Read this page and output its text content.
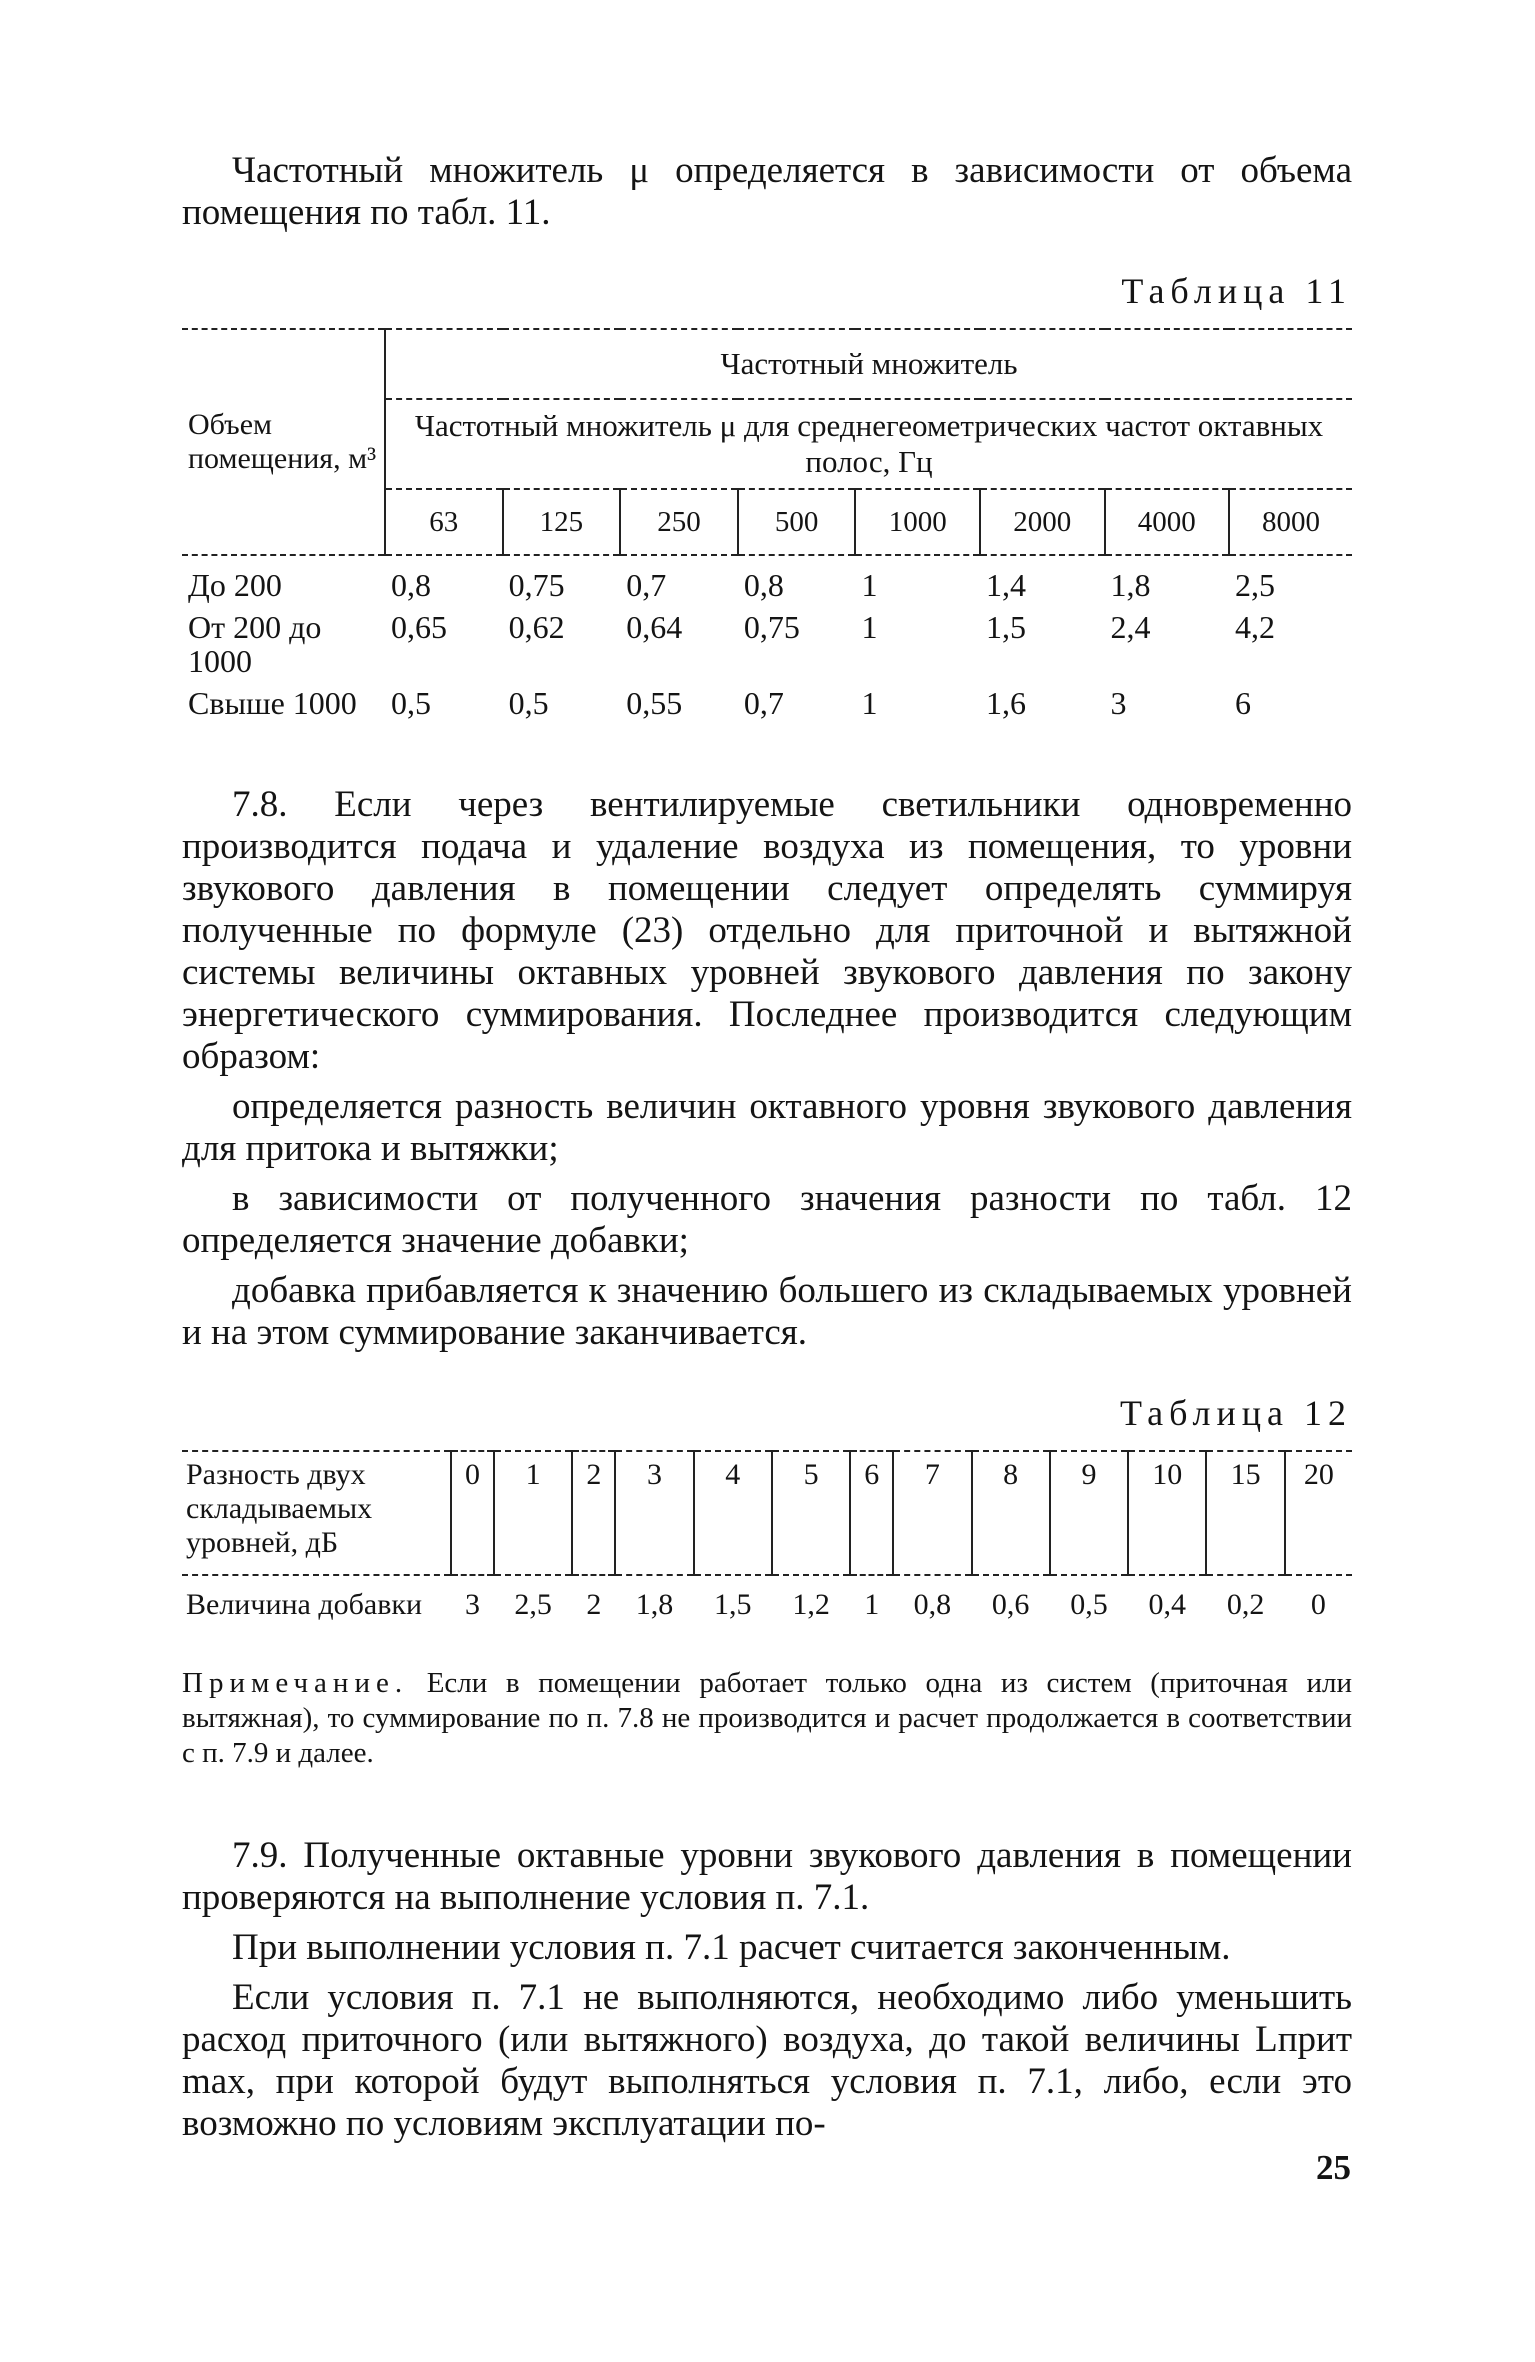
Частотный множитель μ определяется в зависимости от объема помещения по табл. 11.

Таблица 11
Объем помещения, м³	Частотный множитель							
	Частотный множитель μ для среднегеометрических частот октавных полос, Гц							
	63	125	250	500	1000	2000	4000	8000
До 200	0,8	0,75	0,7	0,8	1	1,4	1,8	2,5
От 200 до 1000	0,65	0,62	0,64	0,75	1	1,5	2,4	4,2
Свыше 1000	0,5	0,5	0,55	0,7	1	1,6	3	6

7.8. Если через вентилируемые светильники одновременно производится подача и удаление воздуха из помещения, то уровни звукового давления в помещении следует определять суммируя полученные по формуле (23) отдельно для приточной и вытяжной системы величины октавных уровней звукового давления по закону энергетического суммирования. Последнее производится следующим образом:

определяется разность величин октавного уровня звукового давления для притока и вытяжки;

в зависимости от полученного значения разности по табл. 12 определяется значение добавки;

добавка прибавляется к значению большего из складываемых уровней и на этом суммирование заканчивается.

Таблица 12
Разность двух складываемых уровней, дБ	0	1	2	3	4	5	6	7	8	9	10	15	20
Величина добавки	3	2,5	2	1,8	1,5	1,2	1	0,8	0,6	0,5	0,4	0,2	0

Примечание. Если в помещении работает только одна из систем (приточная или вытяжная), то суммирование по п. 7.8 не производится и расчет продолжается в соответствии с п. 7.9 и далее.

7.9. Полученные октавные уровни звукового давления в помещении проверяются на выполнение условия п. 7.1.

При выполнении условия п. 7.1 расчет считается законченным.

Если условия п. 7.1 не выполняются, необходимо либо уменьшить расход приточного (или вытяжного) воздуха, до такой величины Lприт max, при которой будут выполняться условия п. 7.1, либо, если это возможно по условиям эксплуатации по-

25
